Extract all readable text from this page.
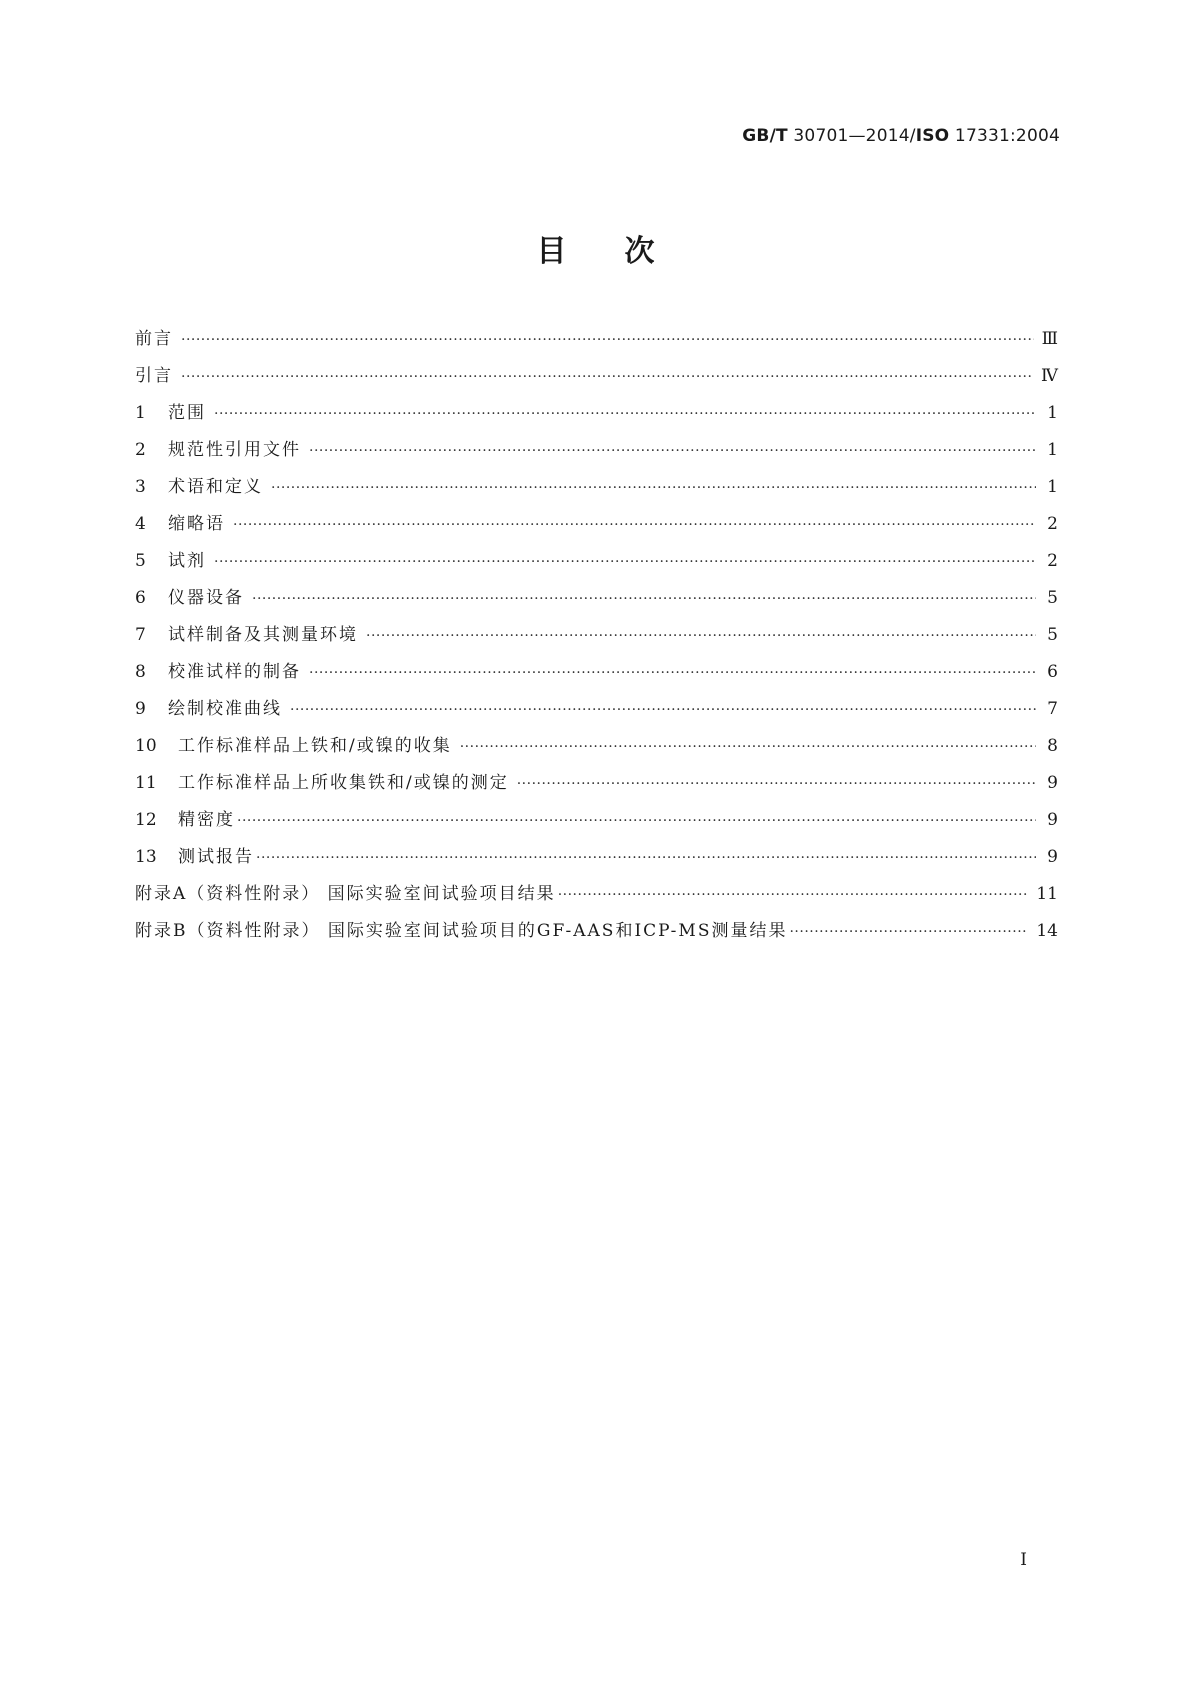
GB/T 30701—2014/ISO 17331:2004
目次
前言 ·····	Ⅲ
引言 ·····	Ⅳ
1	范围 ·····	1
2	规范性引用文件 ·····	1
3	术语和定义 ·····	1
4	缩略语 ·····	2
5	试剂 ·····	2
6	仪器设备 ·····	5
7	试样制备及其测量环境 ·····	5
8	校准试样的制备 ·····	6
9	绘制校准曲线 ·····	7
10	工作标准样品上铁和/或镍的收集 ·····	8
11	工作标准样品上所收集铁和/或镍的测定 ·····	9
12	精密度 ·····	9
13	测试报告 ·····	9
附录A（资料性附录） 国际实验室间试验项目结果 ·····	11
附录B（资料性附录） 国际实验室间试验项目的GF-AAS和ICP-MS测量结果 ·····	14
I
